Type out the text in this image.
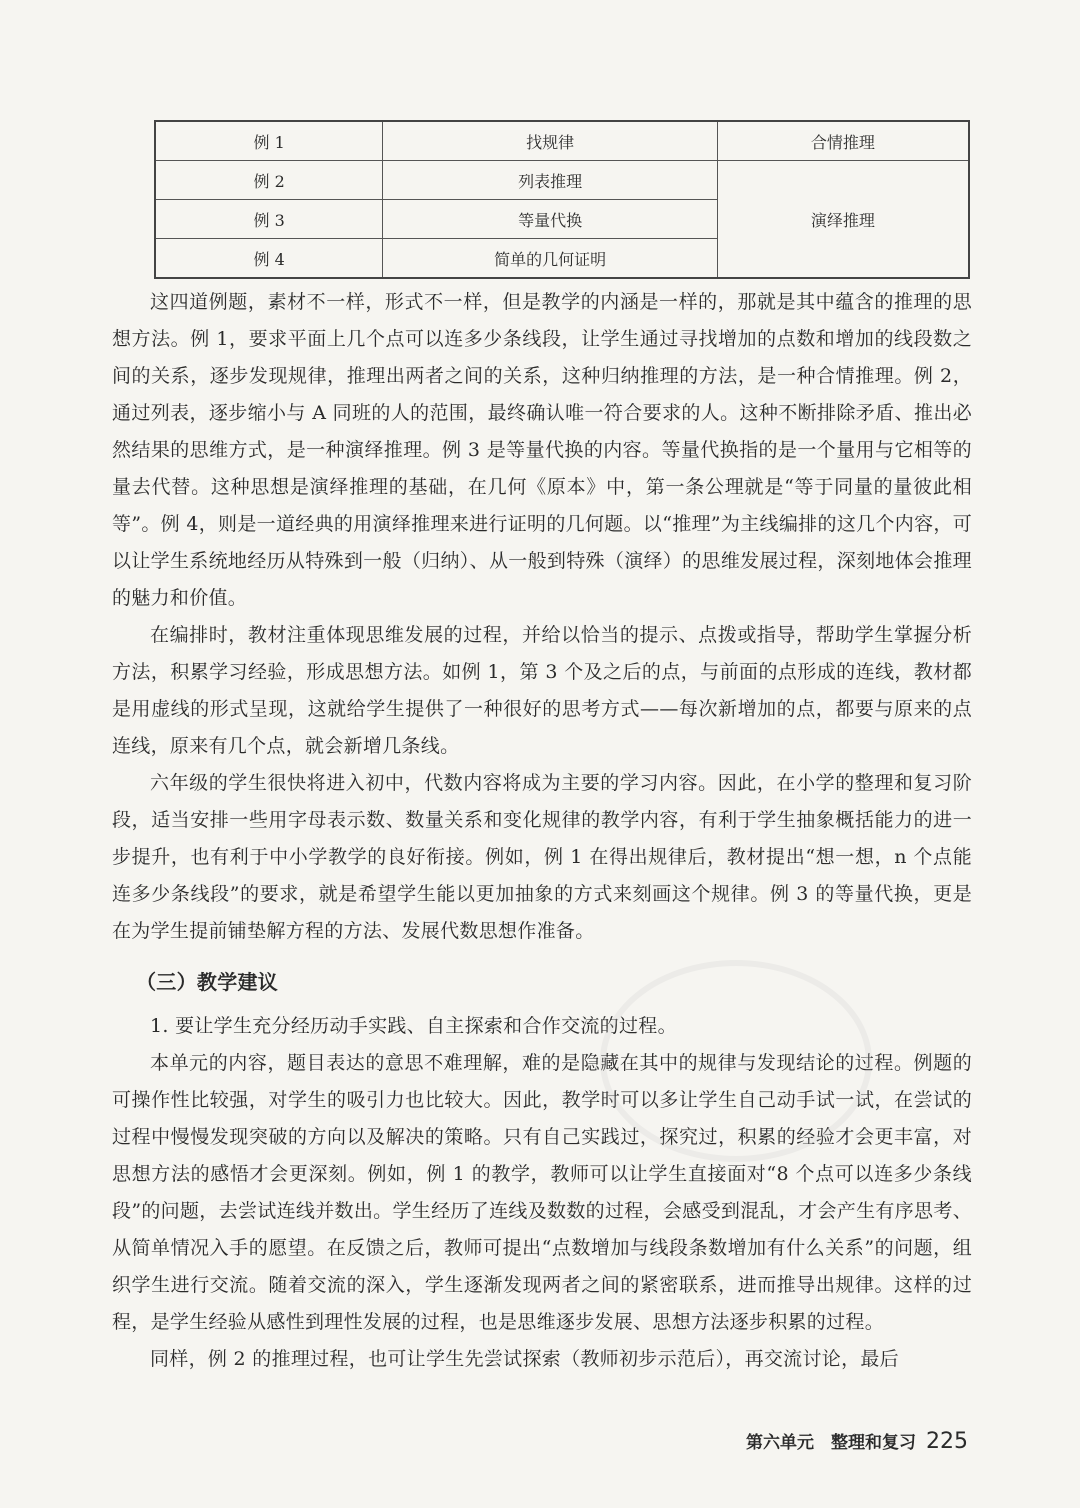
例 1	找规律	合情推理
例 2	列表推理	演绎推理
例 3	等量代换	
例 4	简单的几何证明	

这四道例题，素材不一样，形式不一样，但是教学的内涵是一样的，那就是其中蕴含的推理的思想方法。例 1，要求平面上几个点可以连多少条线段，让学生通过寻找增加的点数和增加的线段数之间的关系，逐步发现规律，推理出两者之间的关系，这种归纳推理的方法，是一种合情推理。例 2，通过列表，逐步缩小与 A 同班的人的范围，最终确认唯一符合要求的人。这种不断排除矛盾、推出必然结果的思维方式，是一种演绎推理。例 3 是等量代换的内容。等量代换指的是一个量用与它相等的量去代替。这种思想是演绎推理的基础，在几何《原本》中，第一条公理就是“等于同量的量彼此相等”。例 4，则是一道经典的用演绎推理来进行证明的几何题。以“推理”为主线编排的这几个内容，可以让学生系统地经历从特殊到一般（归纳）、从一般到特殊（演绎）的思维发展过程，深刻地体会推理的魅力和价值。

在编排时，教材注重体现思维发展的过程，并给以恰当的提示、点拨或指导，帮助学生掌握分析方法，积累学习经验，形成思想方法。如例 1，第 3 个及之后的点，与前面的点形成的连线，教材都是用虚线的形式呈现，这就给学生提供了一种很好的思考方式——每次新增加的点，都要与原来的点连线，原来有几个点，就会新增几条线。

六年级的学生很快将进入初中，代数内容将成为主要的学习内容。因此，在小学的整理和复习阶段，适当安排一些用字母表示数、数量关系和变化规律的教学内容，有利于学生抽象概括能力的进一步提升，也有利于中小学教学的良好衔接。例如，例 1 在得出规律后，教材提出“想一想，n 个点能连多少条线段”的要求，就是希望学生能以更加抽象的方式来刻画这个规律。例 3 的等量代换，更是在为学生提前铺垫解方程的方法、发展代数思想作准备。

（三）教学建议

1. 要让学生充分经历动手实践、自主探索和合作交流的过程。

本单元的内容，题目表达的意思不难理解，难的是隐藏在其中的规律与发现结论的过程。例题的可操作性比较强，对学生的吸引力也比较大。因此，教学时可以多让学生自己动手试一试，在尝试的过程中慢慢发现突破的方向以及解决的策略。只有自己实践过，探究过，积累的经验才会更丰富，对思想方法的感悟才会更深刻。例如，例 1 的教学，教师可以让学生直接面对“8 个点可以连多少条线段”的问题，去尝试连线并数出。学生经历了连线及数数的过程，会感受到混乱，才会产生有序思考、从简单情况入手的愿望。在反馈之后，教师可提出“点数增加与线段条数增加有什么关系”的问题，组织学生进行交流。随着交流的深入，学生逐渐发现两者之间的紧密联系，进而推导出规律。这样的过程，是学生经验从感性到理性发展的过程，也是思维逐步发展、思想方法逐步积累的过程。

同样，例 2 的推理过程，也可让学生先尝试探索（教师初步示范后），再交流讨论，最后

第六单元　整理和复习 225
